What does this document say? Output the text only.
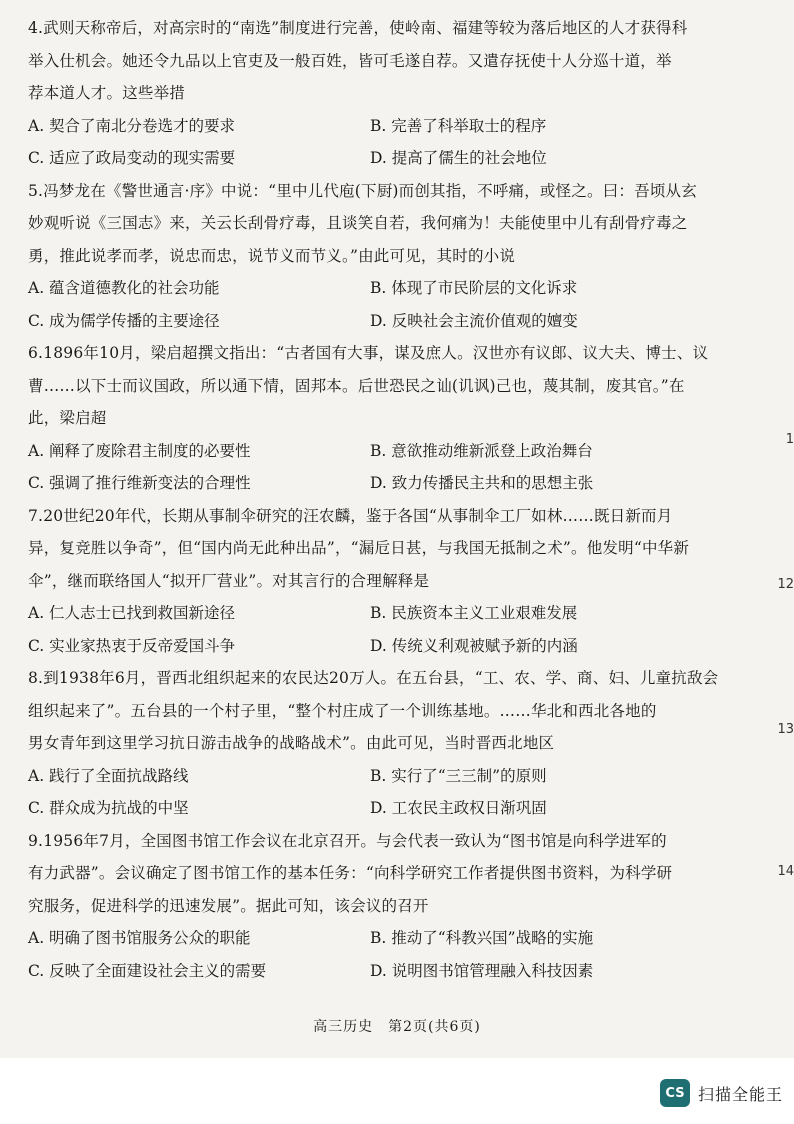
4.武则天称帝后，对高宗时的“南选”制度进行完善，使岭南、福建等较为落后地区的人才获得科
举入仕机会。她还令九品以上官吏及一般百姓，皆可毛遂自荐。又遣存抚使十人分巡十道，举
荐本道人才。这些举措

A. 契合了南北分卷选才的要求	B. 完善了科举取士的程序
C. 适应了政局变动的现实需要	D. 提高了儒生的社会地位

5.冯梦龙在《警世通言·序》中说：“里中儿代庖(下厨)而创其指，不呼痛，或怪之。曰：吾顷从玄
妙观听说《三国志》来，关云长刮骨疗毒，且谈笑自若，我何痛为！夫能使里中儿有刮骨疗毒之
勇，推此说孝而孝，说忠而忠，说节义而节义。”由此可见，其时的小说

A. 蕴含道德教化的社会功能	B. 体现了市民阶层的文化诉求
C. 成为儒学传播的主要途径	D. 反映社会主流价值观的嬗变

6.1896年10月，梁启超撰文指出：“古者国有大事，谋及庶人。汉世亦有议郎、议大夫、博士、议
曹……以下士而议国政，所以通下情，固邦本。后世恐民之讪(讥讽)己也，蔑其制，废其官。”在
此，梁启超

A. 阐释了废除君主制度的必要性	B. 意欲推动维新派登上政治舞台
C. 强调了推行维新变法的合理性	D. 致力传播民主共和的思想主张

7.20世纪20年代，长期从事制伞研究的汪农麟，鉴于各国“从事制伞工厂如林……既日新而月
异，复竞胜以争奇”，但“国内尚无此种出品”，“漏卮日甚，与我国无抵制之术”。他发明“中华新
伞”，继而联络国人“拟开厂营业”。对其言行的合理解释是

A. 仁人志士已找到救国新途径	B. 民族资本主义工业艰难发展
C. 实业家热衷于反帝爱国斗争	D. 传统义利观被赋予新的内涵

8.到1938年6月，晋西北组织起来的农民达20万人。在五台县，“工、农、学、商、妇、儿童抗敌会
组织起来了”。五台县的一个村子里，“整个村庄成了一个训练基地。……华北和西北各地的
男女青年到这里学习抗日游击战争的战略战术”。由此可见，当时晋西北地区

A. 践行了全面抗战路线	B. 实行了“三三制”的原则
C. 群众成为抗战的中坚	D. 工农民主政权日渐巩固

9.1956年7月，全国图书馆工作会议在北京召开。与会代表一致认为“图书馆是向科学进军的
有力武器”。会议确定了图书馆工作的基本任务：“向科学研究工作者提供图书资料，为科学研
究服务，促进科学的迅速发展”。据此可知，该会议的召开

A. 明确了图书馆服务公众的职能	B. 推动了“科教兴国”战略的实施
C. 反映了全面建设社会主义的需要	D. 说明图书馆管理融入科技因素
1
12
13
14
高三历史　第2页(共6页)
CS 扫描全能王
